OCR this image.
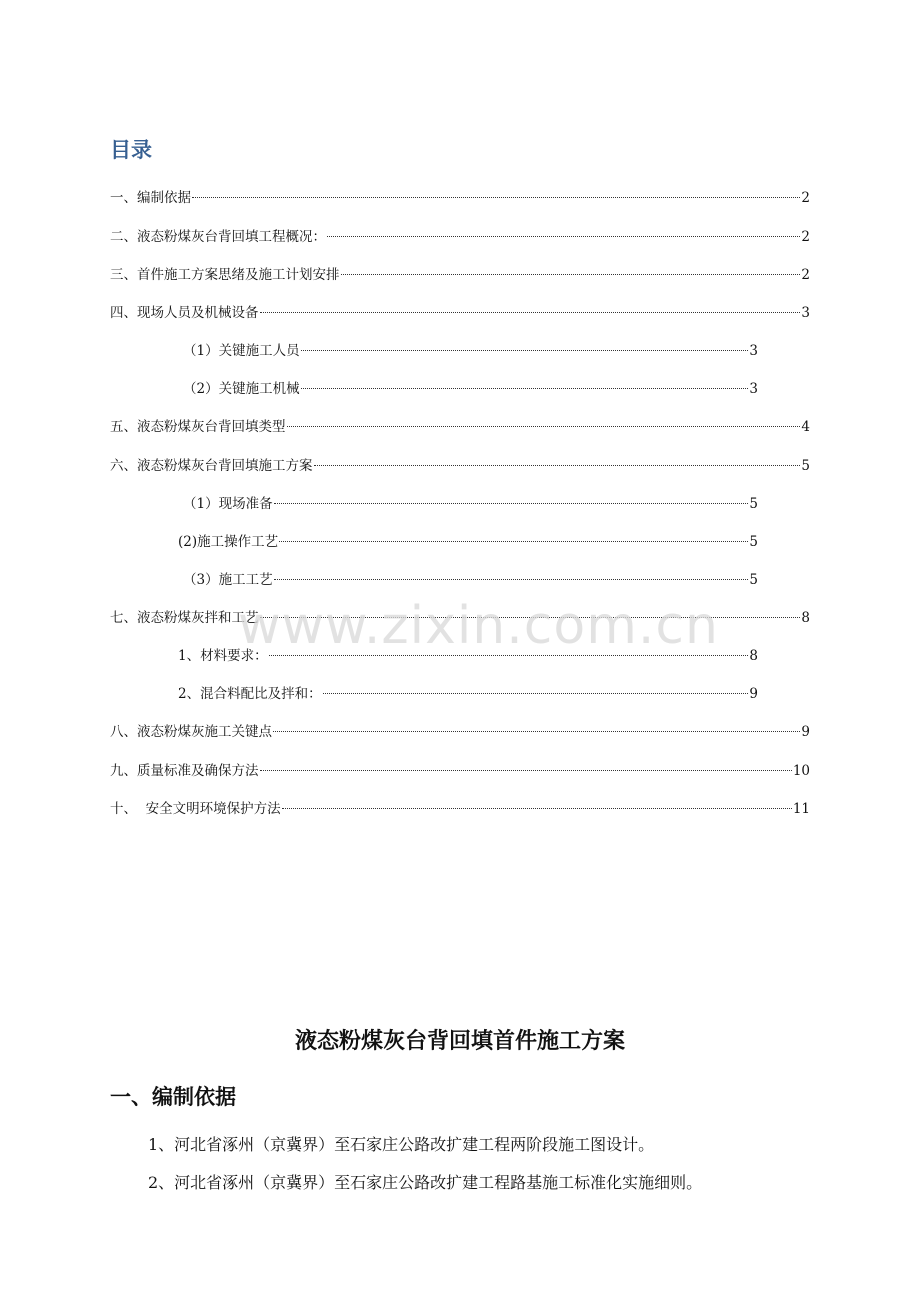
目录
一、编制依据	2
二、液态粉煤灰台背回填工程概况：	2
三、首件施工方案思绪及施工计划安排	2
四、现场人员及机械设备	3
（1）关键施工人员	3
（2）关键施工机械	3
五、液态粉煤灰台背回填类型	4
六、液态粉煤灰台背回填施工方案	5
（1）现场准备	5
(2)施工操作工艺	5
（3）施工工艺	5
七、液态粉煤灰拌和工艺	8
1、材料要求：	8
2、混合料配比及拌和：	9
八、液态粉煤灰施工关键点	9
九、质量标准及确保方法	10
十、  安全文明环境保护方法	11
www.zixin.com.cn
液态粉煤灰台背回填首件施工方案
一、编制依据

1、河北省涿州（京冀界）至石家庄公路改扩建工程两阶段施工图设计。

2、河北省涿州（京冀界）至石家庄公路改扩建工程路基施工标准化实施细则。
